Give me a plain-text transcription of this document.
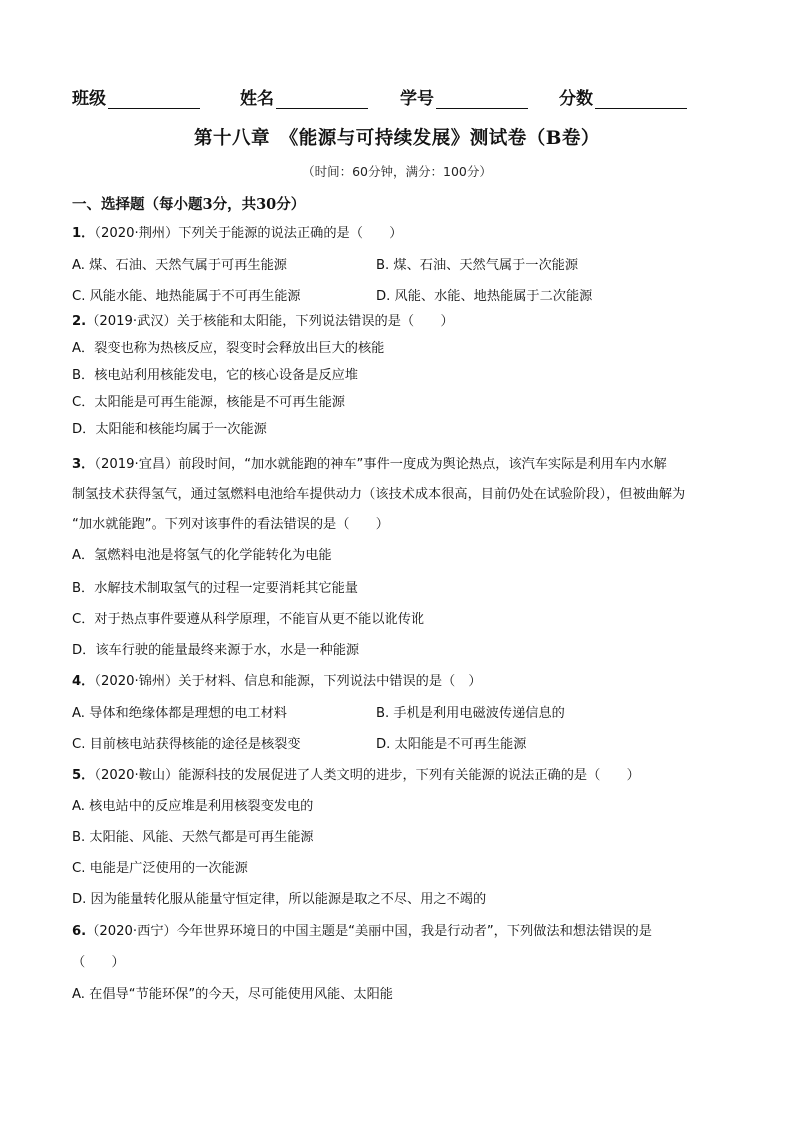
班级	姓名	学号	分数
第十八章　《能源与可持续发展》测试卷（B卷）
（时间：60分钟，满分：100分）
一、选择题（每小题3分，共30分）
1．（2020·荆州）下列关于能源的说法正确的是（　　）
A. 煤、石油、天然气属于可再生能源	B. 煤、石油、天然气属于一次能源
C. 风能水能、地热能属于不可再生能源	D. 风能、水能、地热能属于二次能源
2.（2019·武汉）关于核能和太阳能，下列说法错误的是（　　）
A．裂变也称为热核反应，裂变时会释放出巨大的核能
B．核电站利用核能发电，它的核心设备是反应堆
C．太阳能是可再生能源，核能是不可再生能源
D．太阳能和核能均属于一次能源
3．（2019·宜昌）前段时间，“加水就能跑的神车”事件一度成为舆论热点，该汽车实际是利用车内水解
制氢技术获得氢气，通过氢燃料电池给车提供动力（该技术成本很高，目前仍处在试验阶段），但被曲解为
“加水就能跑”。下列对该事件的看法错误的是（　　）
A．氢燃料电池是将氢气的化学能转化为电能
B．水解技术制取氢气的过程一定要消耗其它能量
C．对于热点事件要遵从科学原理，不能盲从更不能以讹传讹
D．该车行驶的能量最终来源于水，水是一种能源
4．（2020·锦州）关于材料、信息和能源，下列说法中错误的是（　）
A. 导体和绝缘体都是理想的电工材料	B. 手机是利用电磁波传递信息的
C. 目前核电站获得核能的途径是核裂变	D. 太阳能是不可再生能源
5．（2020·鞍山）能源科技的发展促进了人类文明的进步，下列有关能源的说法正确的是（　　）
A. 核电站中的反应堆是利用核裂变发电的
B. 太阳能、风能、天然气都是可再生能源
C. 电能是广泛使用的一次能源
D. 因为能量转化服从能量守恒定律，所以能源是取之不尽、用之不竭的
6.（2020·西宁）今年世界环境日的中国主题是“美丽中国，我是行动者”，下列做法和想法错误的是
（　　）
A. 在倡导“节能环保”的今天，尽可能使用风能、太阳能
